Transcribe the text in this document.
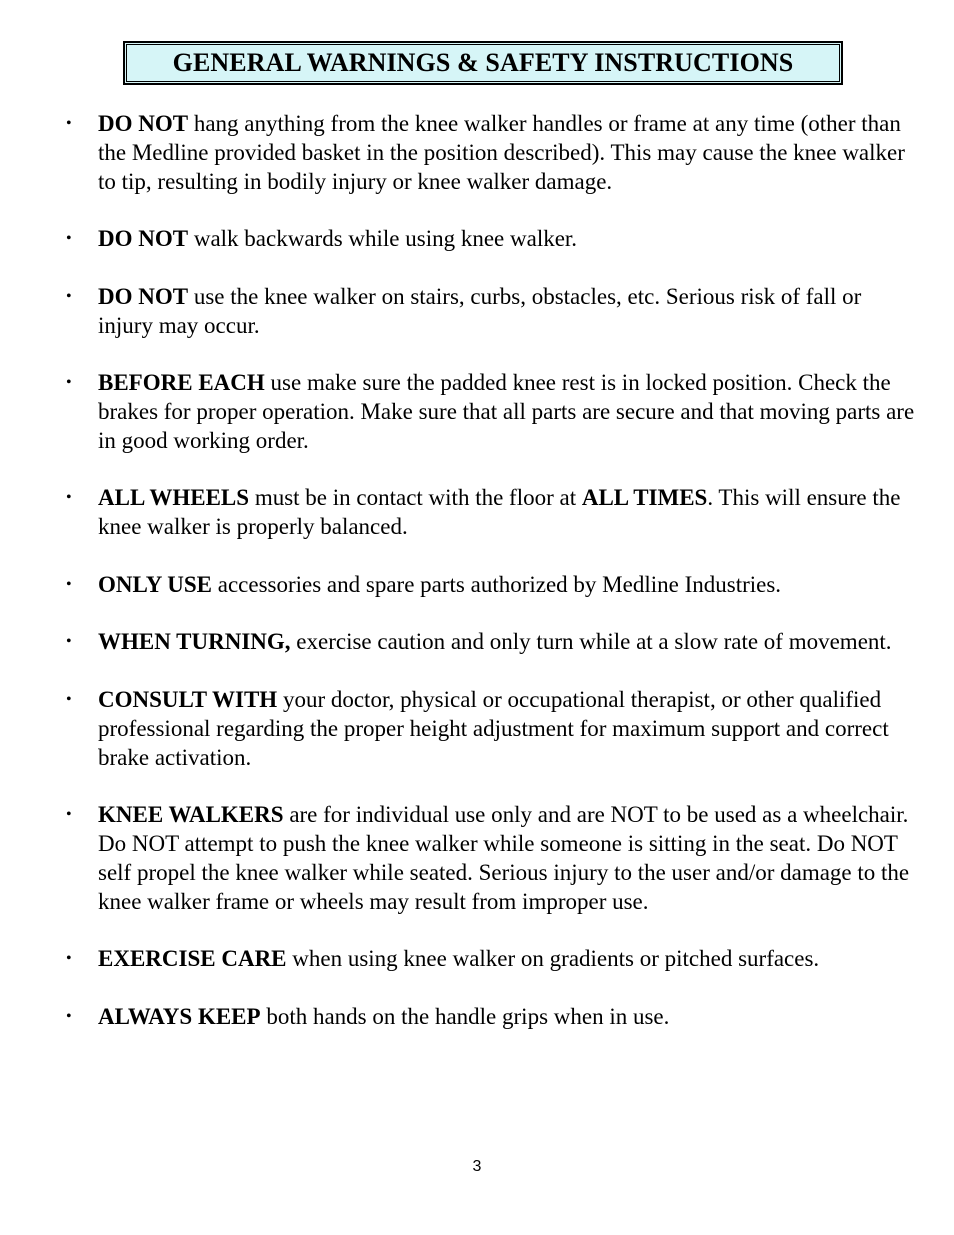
GENERAL WARNINGS & SAFETY INSTRUCTIONS
• DO NOT hang anything from the knee walker handles or frame at any time (other than the Medline provided basket in the position described). This may cause the knee walker to tip, resulting in bodily injury or knee walker damage.
• DO NOT walk backwards while using knee walker.
• DO NOT use the knee walker on stairs, curbs, obstacles, etc. Serious risk of fall or injury may occur.
• BEFORE EACH use make sure the padded knee rest is in locked position. Check the brakes for proper operation. Make sure that all parts are secure and that moving parts are in good working order.
• ALL WHEELS must be in contact with the floor at ALL TIMES. This will ensure the knee walker is properly balanced.
• ONLY USE accessories and spare parts authorized by Medline Industries.
• WHEN TURNING, exercise caution and only turn while at a slow rate of movement.
• CONSULT WITH your doctor, physical or occupational therapist, or other qualified professional regarding the proper height adjustment for maximum support and correct brake activation.
• KNEE WALKERS are for individual use only and are NOT to be used as a wheelchair. Do NOT attempt to push the knee walker while someone is sitting in the seat. Do NOT self propel the knee walker while seated. Serious injury to the user and/or damage to the knee walker frame or wheels may result from improper use.
• EXERCISE CARE when using knee walker on gradients or pitched surfaces.
• ALWAYS KEEP both hands on the handle grips when in use.
3
